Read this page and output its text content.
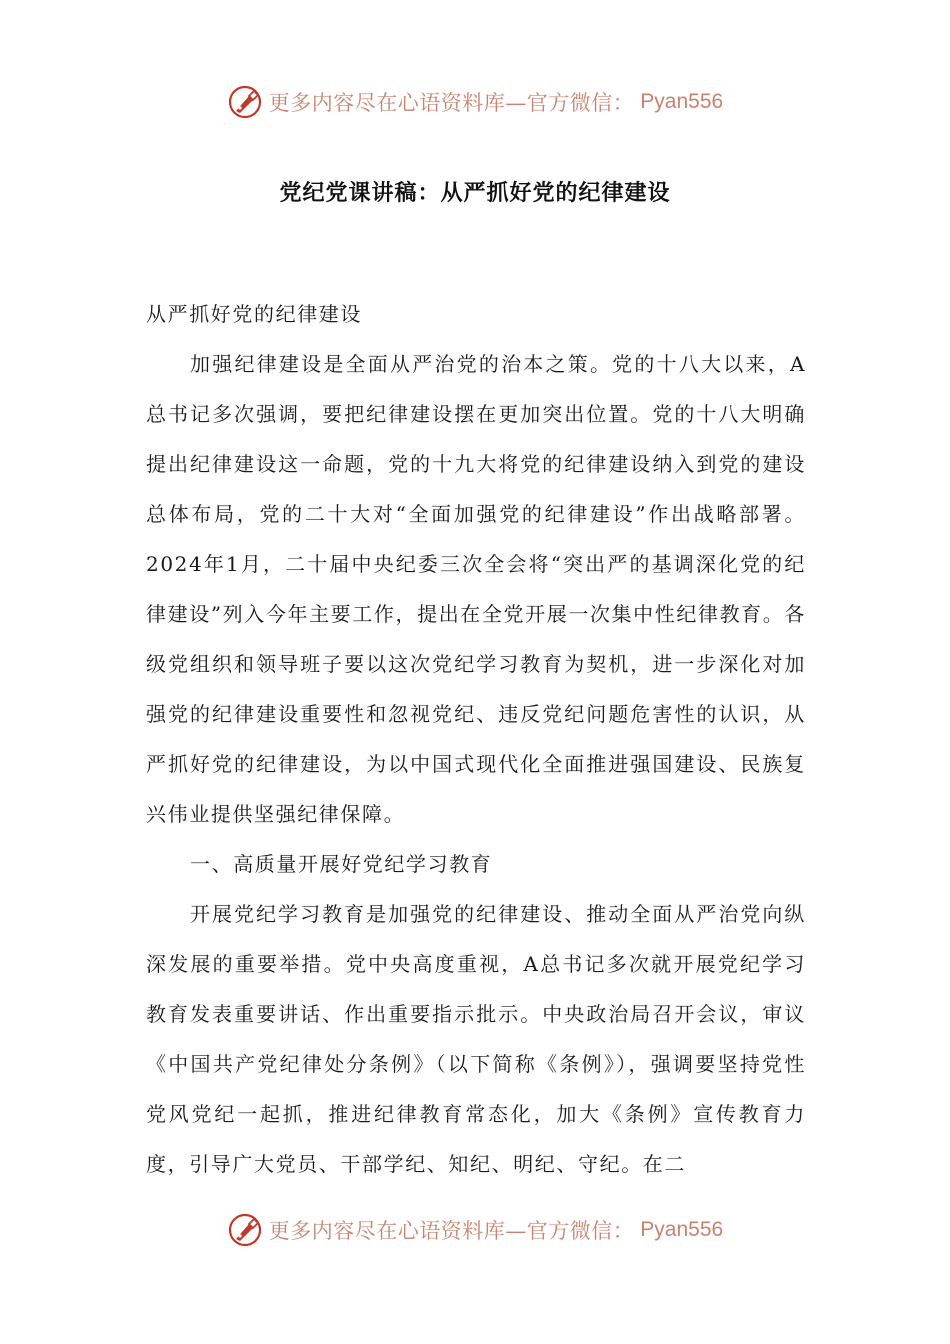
更多内容尽在心语资料库—官方微信： Pyan556
党纪党课讲稿：从严抓好党的纪律建设

从严抓好党的纪律建设

加强纪律建设是全面从严治党的治本之策。党的十八大以来，A总书记多次强调，要把纪律建设摆在更加突出位置。党的十八大明确提出纪律建设这一命题，党的十九大将党的纪律建设纳入到党的建设总体布局，党的二十大对“全面加强党的纪律建设”作出战略部署。2024年1月，二十届中央纪委三次全会将“突出严的基调深化党的纪律建设”列入今年主要工作，提出在全党开展一次集中性纪律教育。各级党组织和领导班子要以这次党纪学习教育为契机，进一步深化对加强党的纪律建设重要性和忽视党纪、违反党纪问题危害性的认识，从严抓好党的纪律建设，为以中国式现代化全面推进强国建设、民族复兴伟业提供坚强纪律保障。

一、高质量开展好党纪学习教育

开展党纪学习教育是加强党的纪律建设、推动全面从严治党向纵深发展的重要举措。党中央高度重视，A总书记多次就开展党纪学习教育发表重要讲话、作出重要指示批示。中央政治局召开会议，审议《中国共产党纪律处分条例》（以下简称《条例》），强调要坚持党性党风党纪一起抓，推进纪律教育常态化，加大《条例》宣传教育力度，引导广大党员、干部学纪、知纪、明纪、守纪。在二

更多内容尽在心语资料库—官方微信： Pyan556
